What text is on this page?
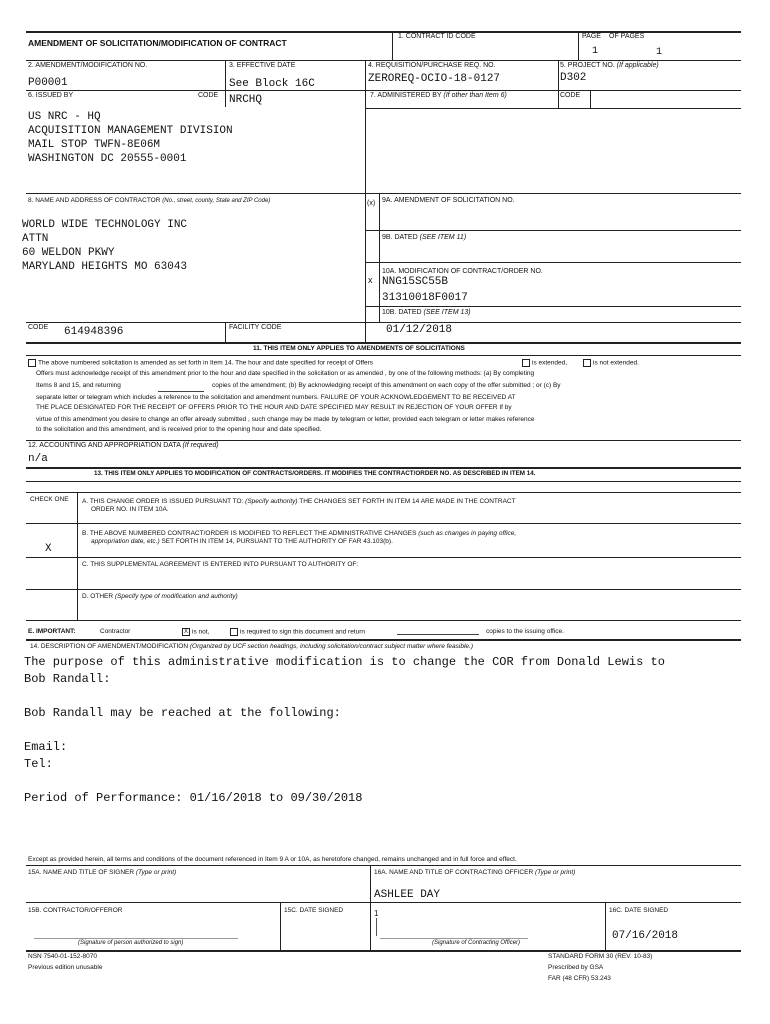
AMENDMENT OF SOLICITATION/MODIFICATION OF CONTRACT
1. CONTRACT ID CODE	PAGE OF PAGES
1	1
2. AMENDMENT/MODIFICATION NO.
P00001
3. EFFECTIVE DATE
See Block 16C
4. REQUISITION/PURCHASE REQ. NO.
ZEROREQ-OCIO-18-0127
5. PROJECT NO. (If applicable)
D302
6. ISSUED BY	CODE NRCHQ	7. ADMINISTERED BY (If other than Item 6)	CODE
US NRC - HQ
ACQUISITION MANAGEMENT DIVISION
MAIL STOP TWFN-8E06M
WASHINGTON DC 20555-0001
8. NAME AND ADDRESS OF CONTRACTOR (No., street, county, State and ZIP Code)
WORLD WIDE TECHNOLOGY INC
ATTN
60 WELDON PKWY
MARYLAND HEIGHTS MO 63043
(x) 9A. AMENDMENT OF SOLICITATION NO.
9B. DATED (SEE ITEM 11)
x
10A. MODIFICATION OF CONTRACT/ORDER NO.
NNG15SC55B
31310018F0017
10B. DATED (SEE ITEM 13)
01/12/2018
CODE 614948396	FACILITY CODE
11. THIS ITEM ONLY APPLIES TO AMENDMENTS OF SOLICITATIONS
The above numbered solicitation is amended as set forth in Item 14. The hour and date specified for receipt of Offers	is extended,	is not extended.
Offers must acknowledge receipt of this amendment prior to the hour and date specified in the solicitation or as amended , by one of the following methods: (a) By completing
Items 8 and 15, and returning	copies of the amendment; (b) By acknowledging receipt of this amendment on each copy of the offer submitted ; or (c) By
separate letter or telegram which includes a reference to the solicitation and amendment numbers. FAILURE OF YOUR ACKNOWLEDGEMENT TO BE RECEIVED AT
THE PLACE DESIGNATED FOR THE RECEIPT OF OFFERS PRIOR TO THE HOUR AND DATE SPECIFIED MAY RESULT IN REJECTION OF YOUR OFFER If by
virtue of this amendment you desire to change an offer already submitted , such change may be made by telegram or letter, provided each telegram or letter makes reference
to the solicitation and this amendment, and is received prior to the opening hour and date specified.
12. ACCOUNTING AND APPROPRIATION DATA (If required)
n/a
13. THIS ITEM ONLY APPLIES TO MODIFICATION OF CONTRACTS/ORDERS. IT MODIFIES THE CONTRACT/ORDER NO. AS DESCRIBED IN ITEM 14.
CHECK ONE A. THIS CHANGE ORDER IS ISSUED PURSUANT TO: (Specify authority) THE CHANGES SET FORTH IN ITEM 14 ARE MADE IN THE CONTRACT
ORDER NO. IN ITEM 10A.
B. THE ABOVE NUMBERED CONTRACT/ORDER IS MODIFIED TO REFLECT THE ADMINISTRATIVE CHANGES (such as changes in paying office,
appropriation date, etc.) SET FORTH IN ITEM 14, PURSUANT TO THE AUTHORITY OF FAR 43.103(b).
X
C. THIS SUPPLEMENTAL AGREEMENT IS ENTERED INTO PURSUANT TO AUTHORITY OF:
D. OTHER (Specify type of modification and authority)
E. IMPORTANT:	Contractor	X is not,	is required to sign this document and return	copies to the issuing office.
14. DESCRIPTION OF AMENDMENT/MODIFICATION (Organized by UCF section headings, including solicitation/contract subject matter where feasible.)
The purpose of this administrative modification is to change the COR from Donald Lewis to
Bob Randall:
Bob Randall may be reached at the following:
Email:
Tel:
Period of Performance: 01/16/2018 to 09/30/2018
Except as provided herein, all terms and conditions of the document referenced in Item 9 A or 10A, as heretofore changed, remains unchanged and in full force and effect.
15A. NAME AND TITLE OF SIGNER (Type or print)	16A. NAME AND TITLE OF CONTRACTING OFFICER (Type or print)
ASHLEE DAY
15B. CONTRACTOR/OFFEROR	15C. DATE SIGNED
(Signature of person authorized to sign)
1
(Signature of Contracting Officer)
16C. DATE SIGNED
07/16/2018
NSN 7540-01-152-8070
Previous edition unusable
STANDARD FORM 30 (REV. 10-83)
Prescribed by GSA
FAR (48 CFR) 53.243
